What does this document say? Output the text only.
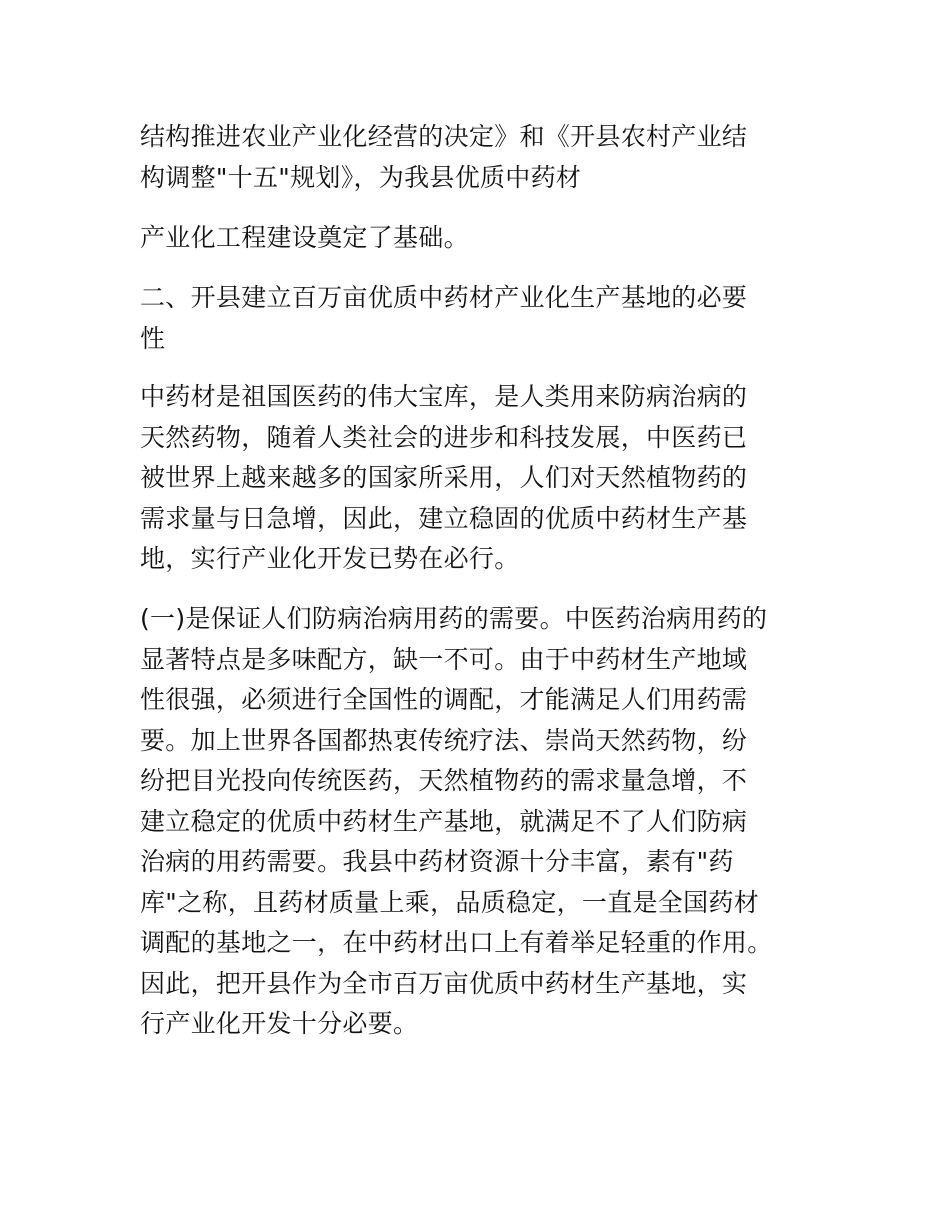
结构推进农业产业化经营的决定》和《开县农村产业结
构调整"十五"规划》，为我县优质中药材

产业化工程建设奠定了基础。

二、开县建立百万亩优质中药材产业化生产基地的必要
性

中药材是祖国医药的伟大宝库，是人类用来防病治病的
天然药物，随着人类社会的进步和科技发展，中医药已
被世界上越来越多的国家所采用，人们对天然植物药的
需求量与日急增，因此，建立稳固的优质中药材生产基
地，实行产业化开发已势在必行。

(一)是保证人们防病治病用药的需要。中医药治病用药的
显著特点是多味配方，缺一不可。由于中药材生产地域
性很强，必须进行全国性的调配，才能满足人们用药需
要。加上世界各国都热衷传统疗法、崇尚天然药物，纷
纷把目光投向传统医药，天然植物药的需求量急增，不
建立稳定的优质中药材生产基地，就满足不了人们防病
治病的用药需要。我县中药材资源十分丰富，素有"药
库"之称，且药材质量上乘，品质稳定，一直是全国药材
调配的基地之一，在中药材出口上有着举足轻重的作用。
因此，把开县作为全市百万亩优质中药材生产基地，实
行产业化开发十分必要。
